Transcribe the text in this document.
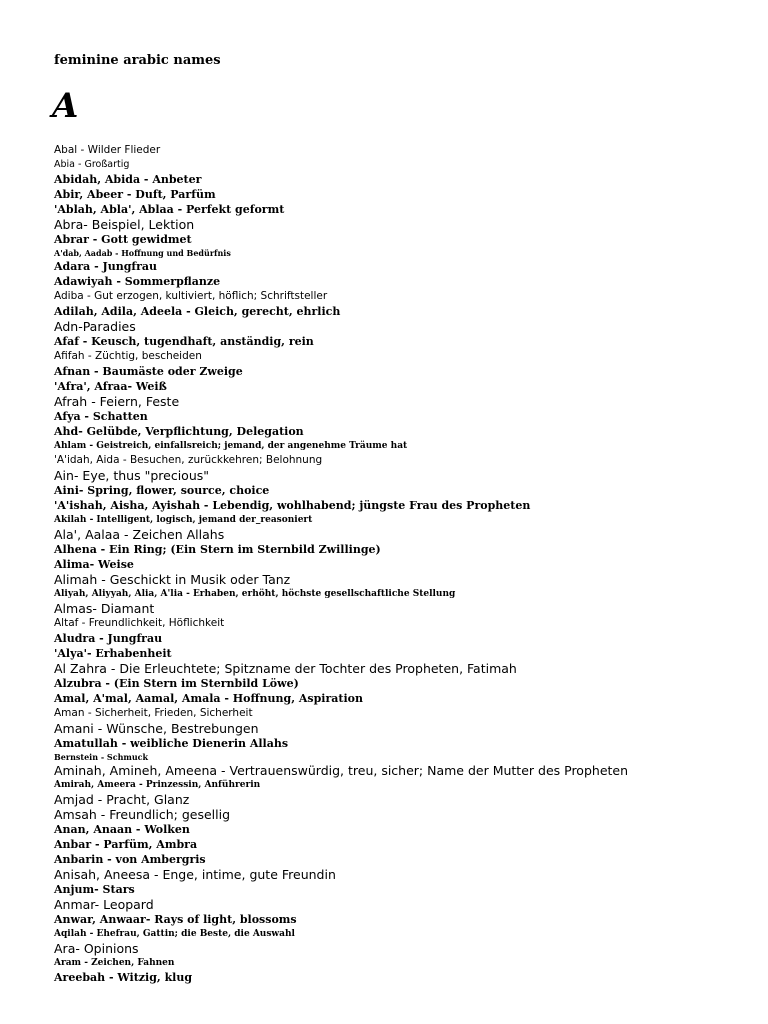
feminine arabic names
A
Abal - Wilder Flieder
Abia - Großartig
Abidah, Abida - Anbeter
Abir, Abeer - Duft, Parfüm
'Ablah, Abla', Ablaa - Perfekt geformt
Abra- Beispiel, Lektion
Abrar - Gott gewidmet
A'dab, Aadab - Hoffnung und Bedürfnis
Adara - Jungfrau
Adawiyah - Sommerpflanze
Adiba - Gut erzogen, kultiviert, höflich; Schriftsteller
Adilah, Adila, Adeela - Gleich, gerecht, ehrlich
Adn-Paradies
Afaf - Keusch, tugendhaft, anständig, rein
Afifah - Züchtig, bescheiden
Afnan - Baumäste oder Zweige
'Afra', Afraa- Weiß
Afrah - Feiern, Feste
Afya - Schatten
Ahd- Gelübde, Verpflichtung, Delegation
Ahlam - Geistreich, einfallsreich; jemand, der angenehme Träume hat
'A'idah, Aida - Besuchen, zurückkehren; Belohnung
Ain- Eye, thus "precious"
Aini- Spring, flower, source, choice
'A'ishah, Aisha, Ayishah - Lebendig, wohlhabend; jüngste Frau des Propheten
Akilah - Intelligent, logisch, jemand der_reasoniert
Ala', Aalaa - Zeichen Allahs
Alhena - Ein Ring; (Ein Stern im Sternbild Zwillinge)
Alima- Weise
Alimah - Geschickt in Musik oder Tanz
Aliyah, Aliyyah, Alia, A'lia - Erhaben, erhöht, höchste gesellschaftliche Stellung
Almas- Diamant
Altaf - Freundlichkeit, Höflichkeit
Aludra - Jungfrau
'Alya'- Erhabenheit
Al Zahra - Die Erleuchtete; Spitzname der Tochter des Propheten, Fatimah
Alzubra - (Ein Stern im Sternbild Löwe)
Amal, A'mal, Aamal, Amala - Hoffnung, Aspiration
Aman - Sicherheit, Frieden, Sicherheit
Amani - Wünsche, Bestrebungen
Amatullah - weibliche Dienerin Allahs
Bernstein - Schmuck
Aminah, Amineh, Ameena - Vertrauenswürdig, treu, sicher; Name der Mutter des Propheten
Amirah, Ameera - Prinzessin, Anführerin
Amjad - Pracht, Glanz
Amsah - Freundlich; gesellig
Anan, Anaan - Wolken
Anbar - Parfüm, Ambra
Anbarin - von Ambergris
Anisah, Aneesa - Enge, intime, gute Freundin
Anjum- Stars
Anmar- Leopard
Anwar, Anwaar- Rays of light, blossoms
Aqilah - Ehefrau, Gattin; die Beste, die Auswahl
Ara- Opinions
Aram - Zeichen, Fahnen
Areebah - Witzig, klug
